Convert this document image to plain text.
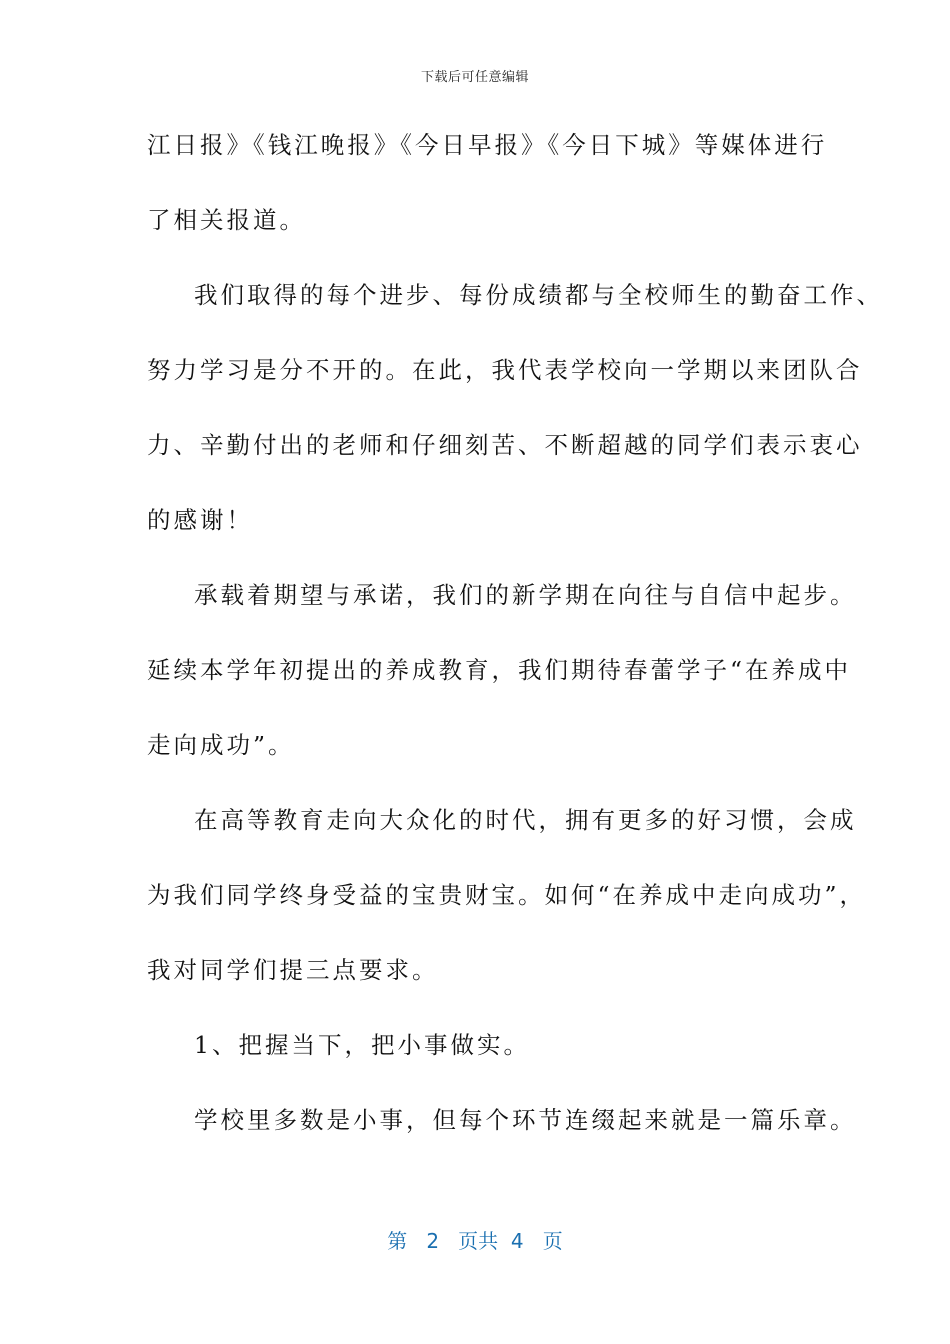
下载后可任意编辑
江日报》《钱江晚报》《今日早报》《今日下城》等媒体进行
了相关报道。
我们取得的每个进步、每份成绩都与全校师生的勤奋工作、
努力学习是分不开的。在此，我代表学校向一学期以来团队合
力、辛勤付出的老师和仔细刻苦、不断超越的同学们表示衷心
的感谢！
承载着期望与承诺，我们的新学期在向往与自信中起步。
延续本学年初提出的养成教育，我们期待春蕾学子“在养成中
走向成功”。
在高等教育走向大众化的时代，拥有更多的好习惯，会成
为我们同学终身受益的宝贵财宝。如何“在养成中走向成功”，
我对同学们提三点要求。
1、把握当下，把小事做实。
学校里多数是小事，但每个环节连缀起来就是一篇乐章。
第 2 页共 4 页
